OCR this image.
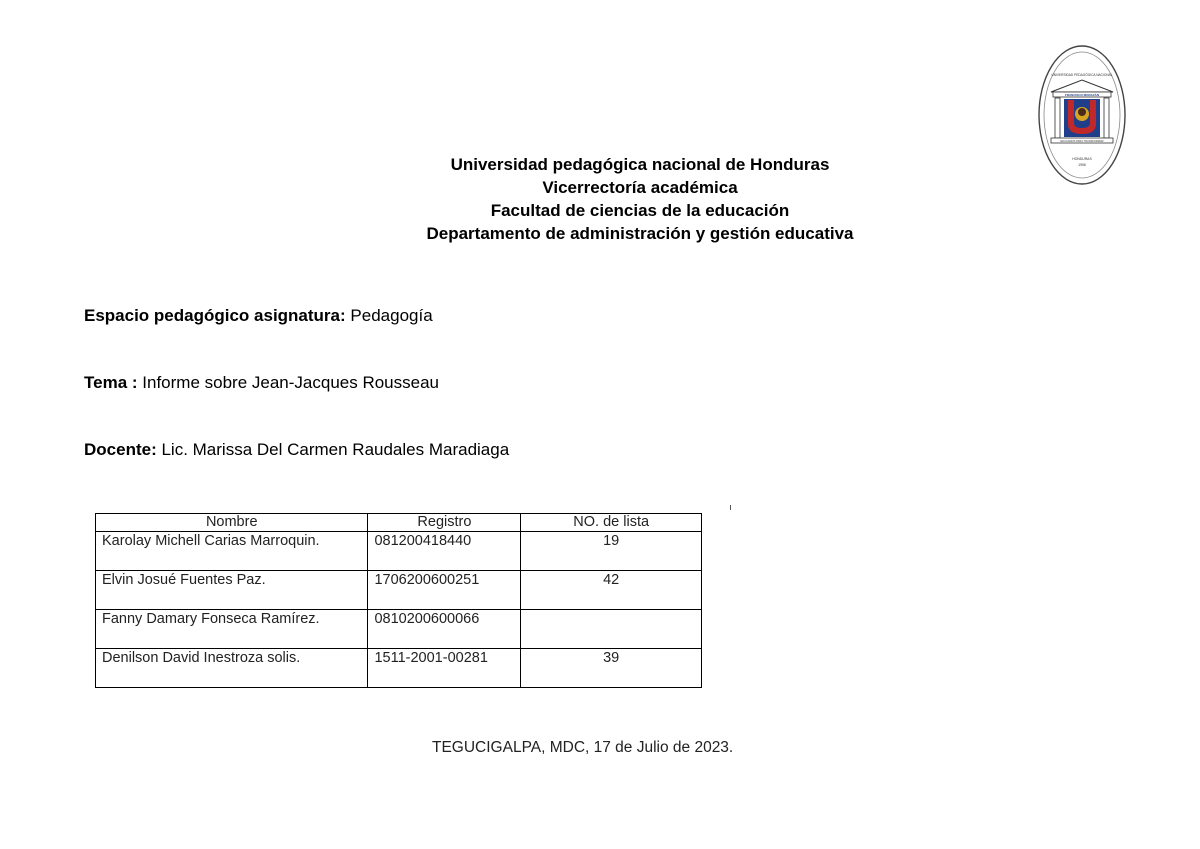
UNIVERSIDAD PEDAGÓGICA NACIONAL
FRANCISCO MORAZÁN
EDUCAMOS PARA TRANSFORMAR
HONDURAS
1956
Universidad pedagógica nacional de Honduras
Vicerrectoría académica
Facultad de ciencias de la educación
Departamento de administración y gestión educativa
Espacio pedagógico asignatura: Pedagogía
Tema : Informe sobre Jean-Jacques Rousseau
Docente: Lic. Marissa Del Carmen Raudales Maradiaga
Nombre	Registro	NO. de lista
Karolay Michell Carias Marroquin.	081200418440	19
Elvin Josué Fuentes Paz.	1706200600251	42
Fanny Damary Fonseca Ramírez.	0810200600066	
Denilson David Inestroza solis.	1511-2001-00281	39
TEGUCIGALPA, MDC, 17 de Julio de 2023.
